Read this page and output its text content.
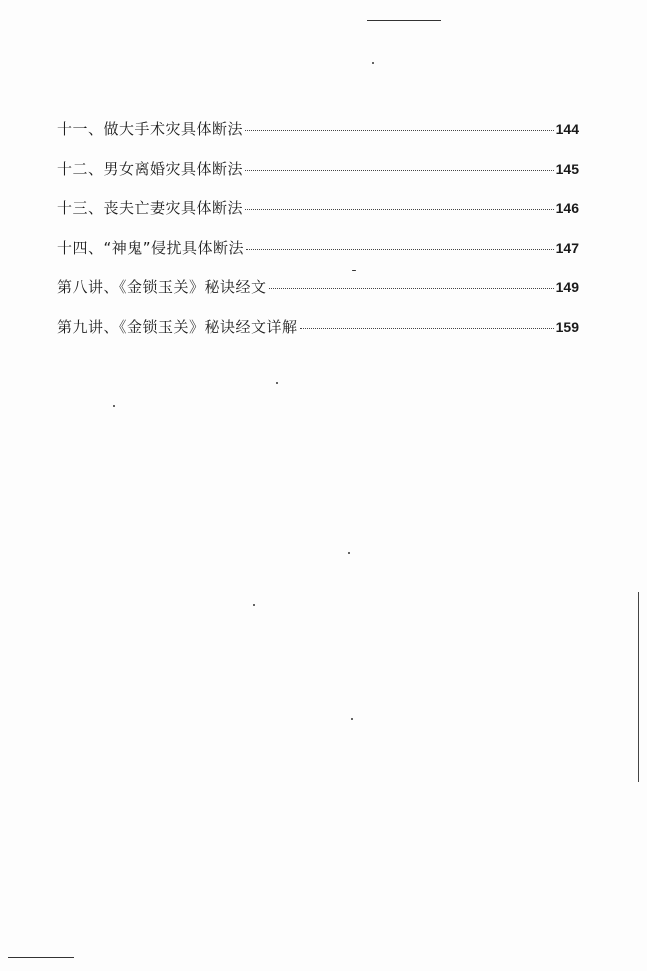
十一、做大手术灾具体断法	144
十二、男女离婚灾具体断法	145
十三、丧夫亡妻灾具体断法	146
十四、“神鬼”侵扰具体断法	147
第八讲、《金锁玉关》秘诀经文	149
第九讲、《金锁玉关》秘诀经文详解	159
